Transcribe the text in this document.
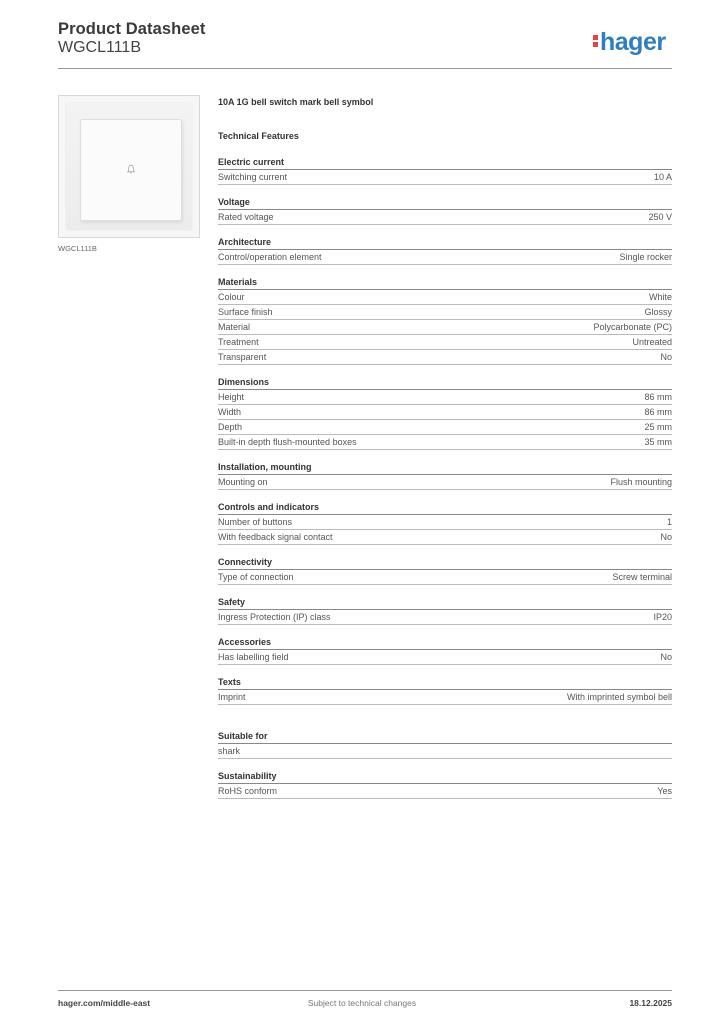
Product Datasheet
WGCL111B	hager
WGCL111B
10A 1G bell switch mark bell symbol
Technical Features
Electric current
Switching current	10 A
Voltage
Rated voltage	250 V
Architecture
Control/operation element	Single rocker
Materials
Colour	White
Surface finish	Glossy
Material	Polycarbonate (PC)
Treatment	Untreated
Transparent	No
Dimensions
Height	86 mm
Width	86 mm
Depth	25 mm
Built-in depth flush-mounted boxes	35 mm
Installation, mounting
Mounting on	Flush mounting
Controls and indicators
Number of buttons	1
With feedback signal contact	No
Connectivity
Type of connection	Screw terminal
Safety
Ingress Protection (IP) class	IP20
Accessories
Has labelling field	No
Texts
Imprint	With imprinted symbol bell
Suitable for
shark
Sustainability
RoHS conform	Yes
hager.com/middle-east	Subject to technical changes	18.12.2025
